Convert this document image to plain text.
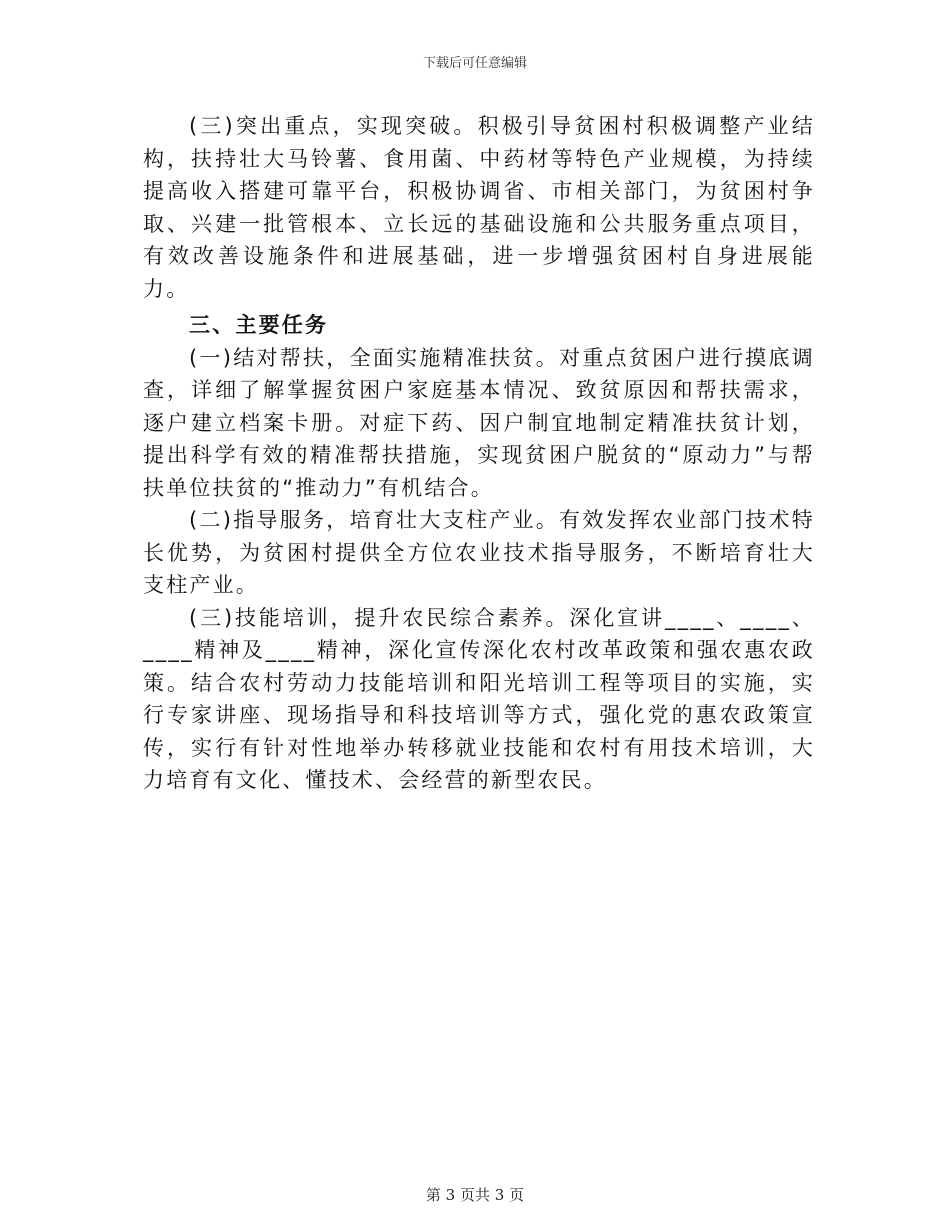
下载后可任意编辑

(三)突出重点，实现突破。积极引导贫困村积极调整产业结构，扶持壮大马铃薯、食用菌、中药材等特色产业规模，为持续提高收入搭建可靠平台，积极协调省、市相关部门，为贫困村争取、兴建一批管根本、立长远的基础设施和公共服务重点项目，有效改善设施条件和进展基础，进一步增强贫困村自身进展能力。

三、主要任务

(一)结对帮扶，全面实施精准扶贫。对重点贫困户进行摸底调查，详细了解掌握贫困户家庭基本情况、致贫原因和帮扶需求，逐户建立档案卡册。对症下药、因户制宜地制定精准扶贫计划，提出科学有效的精准帮扶措施，实现贫困户脱贫的“原动力”与帮扶单位扶贫的“推动力”有机结合。

(二)指导服务，培育壮大支柱产业。有效发挥农业部门技术特长优势，为贫困村提供全方位农业技术指导服务，不断培育壮大支柱产业。

(三)技能培训，提升农民综合素养。深化宣讲____、____、____精神及____精神，深化宣传深化农村改革政策和强农惠农政策。结合农村劳动力技能培训和阳光培训工程等项目的实施，实行专家讲座、现场指导和科技培训等方式，强化党的惠农政策宣传，实行有针对性地举办转移就业技能和农村有用技术培训，大力培育有文化、懂技术、会经营的新型农民。

第 3 页共 3 页
